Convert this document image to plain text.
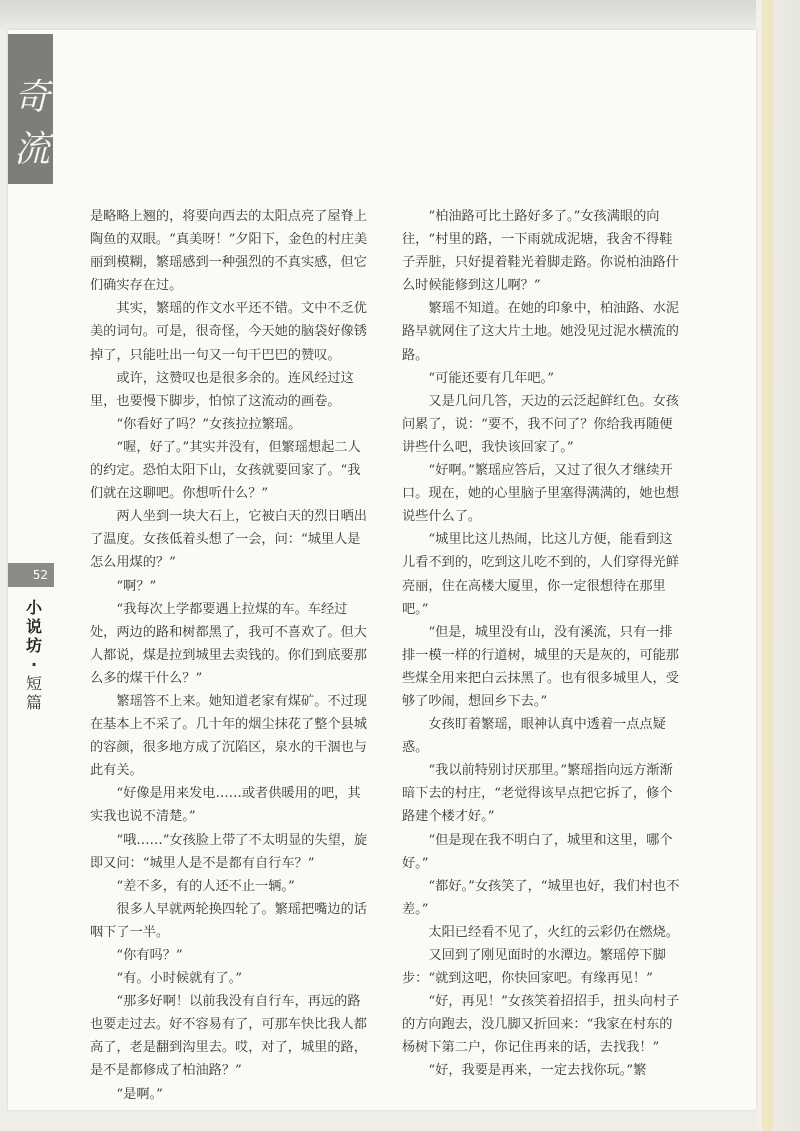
奇
流
52
小
说
坊
·
短
篇

是略略上翘的，将要向西去的太阳点亮了屋脊上陶鱼的双眼。“真美呀！”夕阳下，金色的村庄美丽到模糊，繁瑶感到一种强烈的不真实感，但它们确实存在过。

其实，繁瑶的作文水平还不错。文中不乏优美的词句。可是，很奇怪，今天她的脑袋好像锈掉了，只能吐出一句又一句干巴巴的赞叹。

或许，这赞叹也是很多余的。连风经过这里，也要慢下脚步，怕惊了这流动的画卷。

“你看好了吗？”女孩拉拉繁瑶。

“喔，好了。”其实并没有，但繁瑶想起二人的约定。恐怕太阳下山，女孩就要回家了。“我们就在这聊吧。你想听什么？”

两人坐到一块大石上，它被白天的烈日晒出了温度。女孩低着头想了一会，问：“城里人是怎么用煤的？”

“啊？”

“我每次上学都要遇上拉煤的车。车经过处，两边的路和树都黑了，我可不喜欢了。但大人都说，煤是拉到城里去卖钱的。你们到底要那么多的煤干什么？”

繁瑶答不上来。她知道老家有煤矿。不过现在基本上不采了。几十年的烟尘抹花了整个县城的容颜，很多地方成了沉陷区，泉水的干涸也与此有关。

“好像是用来发电……或者供暖用的吧，其实我也说不清楚。”

“哦……”女孩脸上带了不太明显的失望，旋即又问：“城里人是不是都有自行车？”

“差不多，有的人还不止一辆。”

很多人早就两轮换四轮了。繁瑶把嘴边的话咽下了一半。

“你有吗？”

“有。小时候就有了。”

“那多好啊！以前我没有自行车，再远的路也要走过去。好不容易有了，可那车快比我人都高了，老是翻到沟里去。哎，对了，城里的路，是不是都修成了柏油路？”

“是啊。”

“柏油路可比土路好多了。”女孩满眼的向往，“村里的路，一下雨就成泥塘，我舍不得鞋子弄脏，只好提着鞋光着脚走路。你说柏油路什么时候能修到这儿啊？”

繁瑶不知道。在她的印象中，柏油路、水泥路早就网住了这大片土地。她没见过泥水横流的路。

“可能还要有几年吧。”

又是几问几答，天边的云泛起鲜红色。女孩问累了，说：“要不，我不问了？你给我再随便讲些什么吧，我快该回家了。”

“好啊。”繁瑶应答后，又过了很久才继续开口。现在，她的心里脑子里塞得满满的，她也想说些什么了。

“城里比这儿热闹，比这儿方便，能看到这儿看不到的，吃到这儿吃不到的，人们穿得光鲜亮丽，住在高楼大厦里，你一定很想待在那里吧。”

“但是，城里没有山，没有溪流，只有一排排一模一样的行道树，城里的天是灰的，可能那些煤全用来把白云抹黑了。也有很多城里人，受够了吵闹，想回乡下去。”

女孩盯着繁瑶，眼神认真中透着一点点疑惑。

“我以前特别讨厌那里。”繁瑶指向远方渐渐暗下去的村庄，“老觉得该早点把它拆了，修个路建个楼才好。”

“但是现在我不明白了，城里和这里，哪个好。”

“都好。”女孩笑了，“城里也好，我们村也不差。”

太阳已经看不见了，火红的云彩仍在燃烧。

又回到了刚见面时的水潭边。繁瑶停下脚步：“就到这吧，你快回家吧。有缘再见！”

“好，再见！”女孩笑着招招手，扭头向村子的方向跑去，没几脚又折回来：“我家在村东的杨树下第二户，你记住再来的话，去找我！”

“好，我要是再来，一定去找你玩。”繁
